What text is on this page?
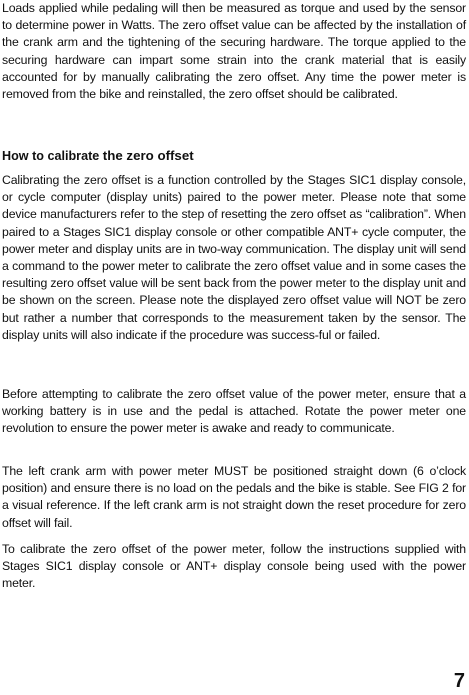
Loads applied while pedaling will then be measured as torque and used by the sensor to determine power in Watts. The zero offset value can be affected by the installation of the crank arm and the tightening of the securing hardware. The torque applied to the securing hardware can impart some strain into the crank material that is easily accounted for by manually calibrating the zero offset. Any time the power meter is removed from the bike and reinstalled, the zero offset should be calibrated.

How to calibrate the zero offset

Calibrating the zero offset is a function controlled by the Stages SIC1 display console, or cycle computer (display units) paired to the power meter. Please note that some device manufacturers refer to the step of resetting the zero offset as “calibration”. When paired to a Stages SIC1 display console or other compatible ANT+ cycle computer, the power meter and display units are in two-way communication. The display unit will send a command to the power meter to calibrate the zero offset value and in some cases the resulting zero offset value will be sent back from the power meter to the display unit and be shown on the screen. Please note the displayed zero offset value will NOT be zero but rather a number that corresponds to the measurement taken by the sensor. The display units will also indicate if the procedure was success-ful or failed.

Before attempting to calibrate the zero offset value of the power meter, ensure that a working battery is in use and the pedal is attached. Rotate the power meter one revolution to ensure the power meter is awake and ready to communicate.

The left crank arm with power meter MUST be positioned straight down (6 o’clock position) and ensure there is no load on the pedals and the bike is stable. See FIG 2 for a visual reference. If the left crank arm is not straight down the reset procedure for zero offset will fail.

To calibrate the zero offset of the power meter, follow the instructions supplied with Stages SIC1 display console or ANT+ display console being used with the power meter.

7
